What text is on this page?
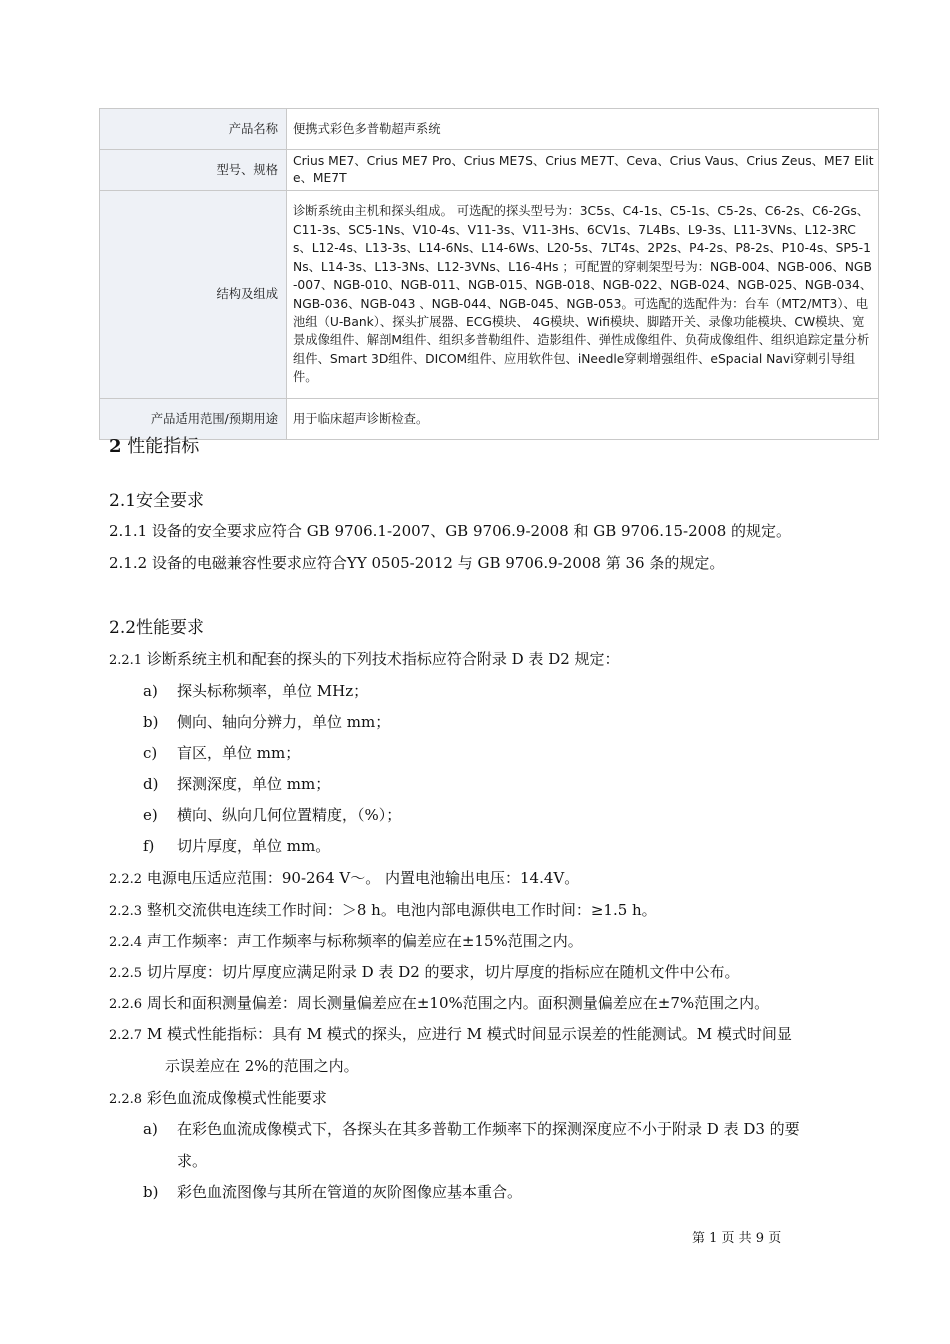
产品名称	便携式彩色多普勒超声系统
型号、规格	Crius ME7、Crius ME7 Pro、Crius ME7S、Crius ME7T、Ceva、Crius Vaus、Crius Zeus、ME7 Elite、ME7T
结构及组成	诊断系统由主机和探头组成。 可选配的探头型号为：3C5s、C4-1s、C5-1s、C5-2s、C6-2s、C6-2Gs、C11-3s、SC5-1Ns、V10-4s、V11-3s、V11-3Hs、6CV1s、7L4Bs、L9-3s、L11-3VNs、L12-3RCs、L12-4s、L13-3s、L14-6Ns、L14-6Ws、L20-5s、7LT4s、2P2s、P4-2s、P8-2s、P10-4s、SP5-1Ns、L14-3s、L13-3Ns、L12-3VNs、L16-4Hs ；可配置的穿刺架型号为：NGB-004、NGB-006、NGB-007、NGB-010、NGB-011、NGB-015、NGB-018、NGB-022、NGB-024、NGB-025、NGB-034、NGB-036、NGB-043 、NGB-044、NGB-045、NGB-053。可选配的选配件为：台车（MT2/MT3）、电池组（U-Bank）、探头扩展器、ECG模块、 4G模块、Wifi模块、脚踏开关、录像功能模块、CW模块、宽景成像组件、解剖M组件、组织多普勒组件、造影组件、弹性成像组件、负荷成像组件、组织追踪定量分析组件、Smart 3D组件、DICOM组件、应用软件包、iNeedle穿刺增强组件、eSpacial Navi穿刺引导组件。
产品适用范围/预期用途	用于临床超声诊断检查。
2 性能指标
2.1安全要求
2.1.1 设备的安全要求应符合 GB 9706.1-2007、GB 9706.9-2008 和 GB 9706.15-2008 的规定。
2.1.2 设备的电磁兼容性要求应符合YY 0505-2012 与 GB 9706.9-2008 第 36 条的规定。
2.2性能要求
2.2.1 诊断系统主机和配套的探头的下列技术指标应符合附录 D 表 D2 规定：
a) 探头标称频率，单位 MHz；
b) 侧向、轴向分辨力，单位 mm；
c) 盲区，单位 mm；
d) 探测深度，单位 mm；
e) 横向、纵向几何位置精度，（%）；
f) 切片厚度，单位 mm。
2.2.2 电源电压适应范围：90-264 V～。 内置电池输出电压：14.4V。
2.2.3 整机交流供电连续工作时间：＞8 h。电池内部电源供电工作时间：≥1.5 h。
2.2.4 声工作频率：声工作频率与标称频率的偏差应在±15%范围之内。
2.2.5 切片厚度：切片厚度应满足附录 D 表 D2 的要求，切片厚度的指标应在随机文件中公布。
2.2.6 周长和面积测量偏差：周长测量偏差应在±10%范围之内。面积测量偏差应在±7%范围之内。
2.2.7 M 模式性能指标：具有 M 模式的探头，应进行 M 模式时间显示误差的性能测试。M 模式时间显
示误差应在 2%的范围之内。
2.2.8 彩色血流成像模式性能要求
a) 在彩色血流成像模式下，各探头在其多普勒工作频率下的探测深度应不小于附录 D 表 D3 的要
求。
b) 彩色血流图像与其所在管道的灰阶图像应基本重合。
第 1 页 共 9 页
